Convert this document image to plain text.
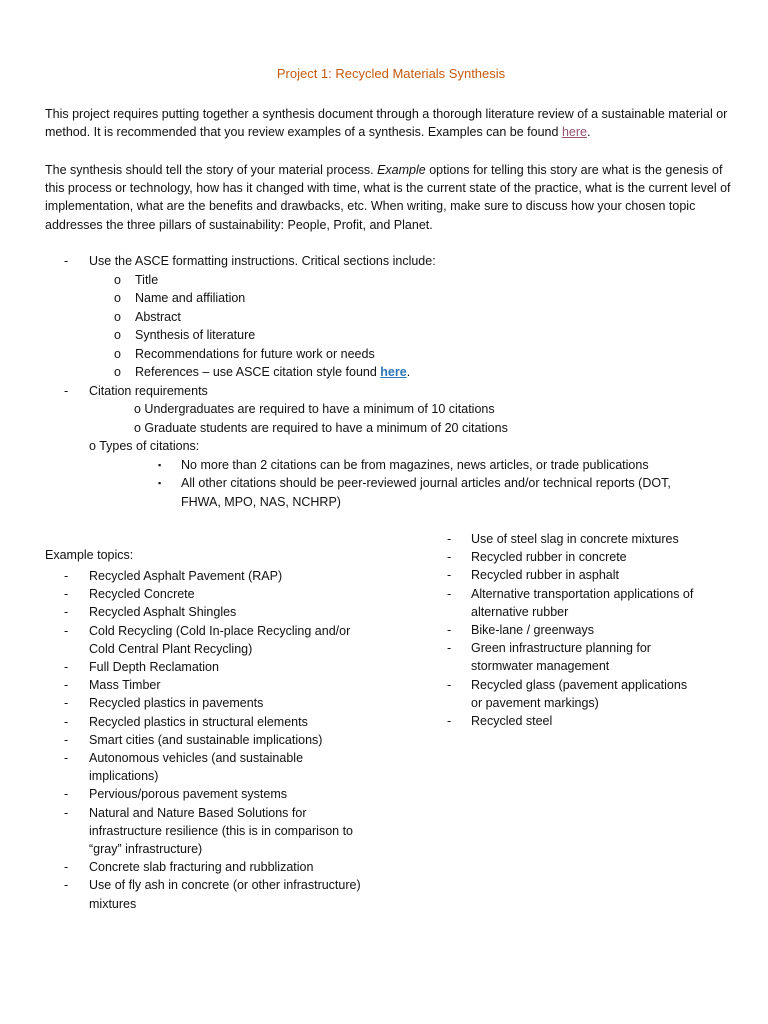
Project 1: Recycled Materials Synthesis
This project requires putting together a synthesis document through a thorough literature review of a sustainable material or method. It is recommended that you review examples of a synthesis. Examples can be found here.
The synthesis should tell the story of your material process. Example options for telling this story are what is the genesis of this process or technology, how has it changed with time, what is the current state of the practice, what is the current level of implementation, what are the benefits and drawbacks, etc. When writing, make sure to discuss how your chosen topic addresses the three pillars of sustainability: People, Profit, and Planet.
- Use the ASCE formatting instructions. Critical sections include:
o Title
o Name and affiliation
o Abstract
o Synthesis of literature
o Recommendations for future work or needs
o References – use ASCE citation style found here.
- Citation requirements
o Undergraduates are required to have a minimum of 10 citations
o Graduate students are required to have a minimum of 20 citations
o Types of citations:
▪ No more than 2 citations can be from magazines, news articles, or trade publications
▪ All other citations should be peer-reviewed journal articles and/or technical reports (DOT, FHWA, MPO, NAS, NCHRP)
Example topics:
- Recycled Asphalt Pavement (RAP)
- Recycled Concrete
- Recycled Asphalt Shingles
- Cold Recycling (Cold In-place Recycling and/or Cold Central Plant Recycling)
- Full Depth Reclamation
- Mass Timber
- Recycled plastics in pavements
- Recycled plastics in structural elements
- Smart cities (and sustainable implications)
- Autonomous vehicles (and sustainable implications)
- Pervious/porous pavement systems
- Natural and Nature Based Solutions for infrastructure resilience (this is in comparison to “gray” infrastructure)
- Concrete slab fracturing and rubblization
- Use of fly ash in concrete (or other infrastructure) mixtures
- Use of steel slag in concrete mixtures
- Recycled rubber in concrete
- Recycled rubber in asphalt
- Alternative transportation applications of alternative rubber
- Bike-lane / greenways
- Green infrastructure planning for stormwater management
- Recycled glass (pavement applications or pavement markings)
- Recycled steel
